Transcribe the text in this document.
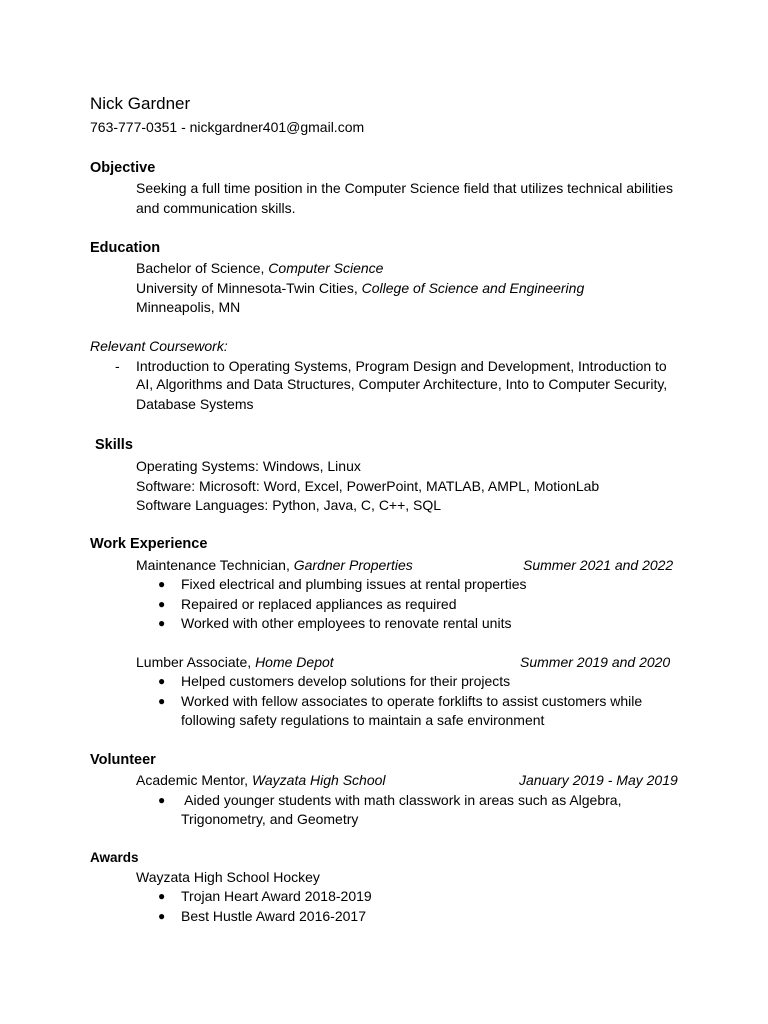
Nick Gardner
763-777-0351 - nickgardner401@gmail.com
Objective
Seeking a full time position in the Computer Science field that utilizes technical abilities
and communication skills.
Education
Bachelor of Science, Computer Science
University of Minnesota-Twin Cities, College of Science and Engineering
Minneapolis, MN
Relevant Coursework:
- Introduction to Operating Systems, Program Design and Development, Introduction to
AI, Algorithms and Data Structures, Computer Architecture, Into to Computer Security,
Database Systems
Skills
Operating Systems: Windows, Linux
Software: Microsoft: Word, Excel, PowerPoint, MATLAB, AMPL, MotionLab
Software Languages: Python, Java, C, C++, SQL
Work Experience
Maintenance Technician, Gardner Properties	Summer 2021 and 2022
● Fixed electrical and plumbing issues at rental properties
● Repaired or replaced appliances as required
● Worked with other employees to renovate rental units
Lumber Associate, Home Depot	Summer 2019 and 2020
● Helped customers develop solutions for their projects
● Worked with fellow associates to operate forklifts to assist customers while
following safety regulations to maintain a safe environment
Volunteer
Academic Mentor, Wayzata High School	January 2019 - May 2019
● Aided younger students with math classwork in areas such as Algebra,
Trigonometry, and Geometry
Awards
Wayzata High School Hockey
● Trojan Heart Award 2018-2019
● Best Hustle Award 2016-2017
